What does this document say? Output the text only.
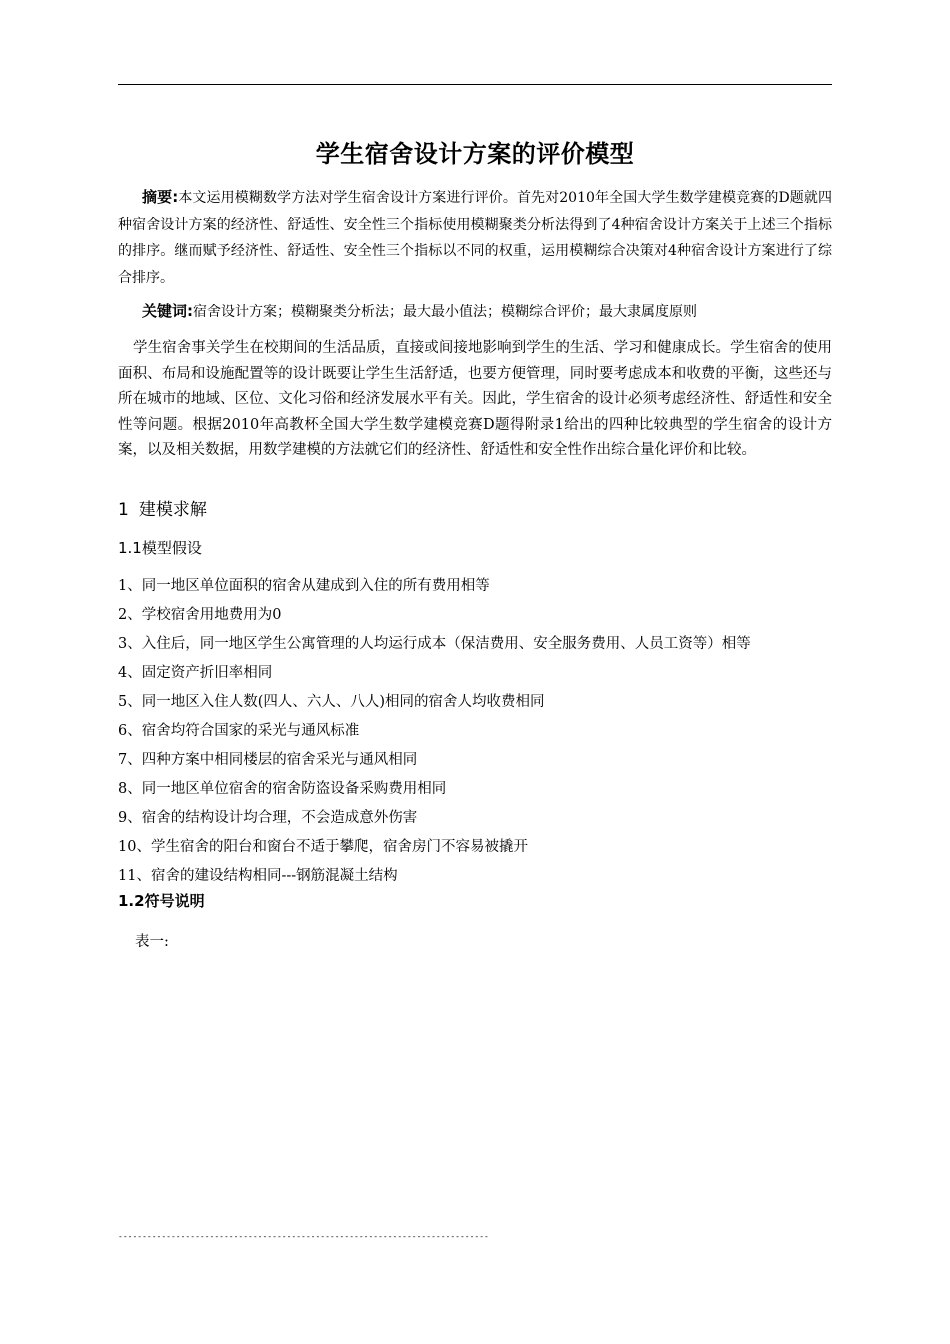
学生宿舍设计方案的评价模型
摘要:本文运用模糊数学方法对学生宿舍设计方案进行评价。首先对2010年全国大学生数学建模竞赛的D题就四种宿舍设计方案的经济性、舒适性、安全性三个指标使用模糊聚类分析法得到了4种宿舍设计方案关于上述三个指标的排序。继而赋予经济性、舒适性、安全性三个指标以不同的权重，运用模糊综合决策对4种宿舍设计方案进行了综合排序。
关键词:宿舍设计方案；模糊聚类分析法；最大最小值法；模糊综合评价；最大隶属度原则
学生宿舍事关学生在校期间的生活品质，直接或间接地影响到学生的生活、学习和健康成长。学生宿舍的使用面积、布局和设施配置等的设计既要让学生生活舒适，也要方便管理，同时要考虑成本和收费的平衡，这些还与所在城市的地域、区位、文化习俗和经济发展水平有关。因此，学生宿舍的设计必须考虑经济性、舒适性和安全性等问题。根据2010年高教杯全国大学生数学建模竞赛D题得附录1给出的四种比较典型的学生宿舍的设计方案，以及相关数据，用数学建模的方法就它们的经济性、舒适性和安全性作出综合量化评价和比较。
1 建模求解
1.1模型假设
1、同一地区单位面积的宿舍从建成到入住的所有费用相等
2、学校宿舍用地费用为0
3、入住后，同一地区学生公寓管理的人均运行成本（保洁费用、安全服务费用、人员工资等）相等
4、固定资产折旧率相同
5、同一地区入住人数(四人、六人、八人)相同的宿舍人均收费相同
6、宿舍均符合国家的采光与通风标准
7、四种方案中相同楼层的宿舍采光与通风相同
8、同一地区单位宿舍的宿舍防盗设备采购费用相同
9、宿舍的结构设计均合理，不会造成意外伤害
10、学生宿舍的阳台和窗台不适于攀爬，宿舍房门不容易被撬开
11、宿舍的建设结构相同---钢筋混凝土结构
1.2符号说明
表一:
-----------------------------------------------------------------------------
